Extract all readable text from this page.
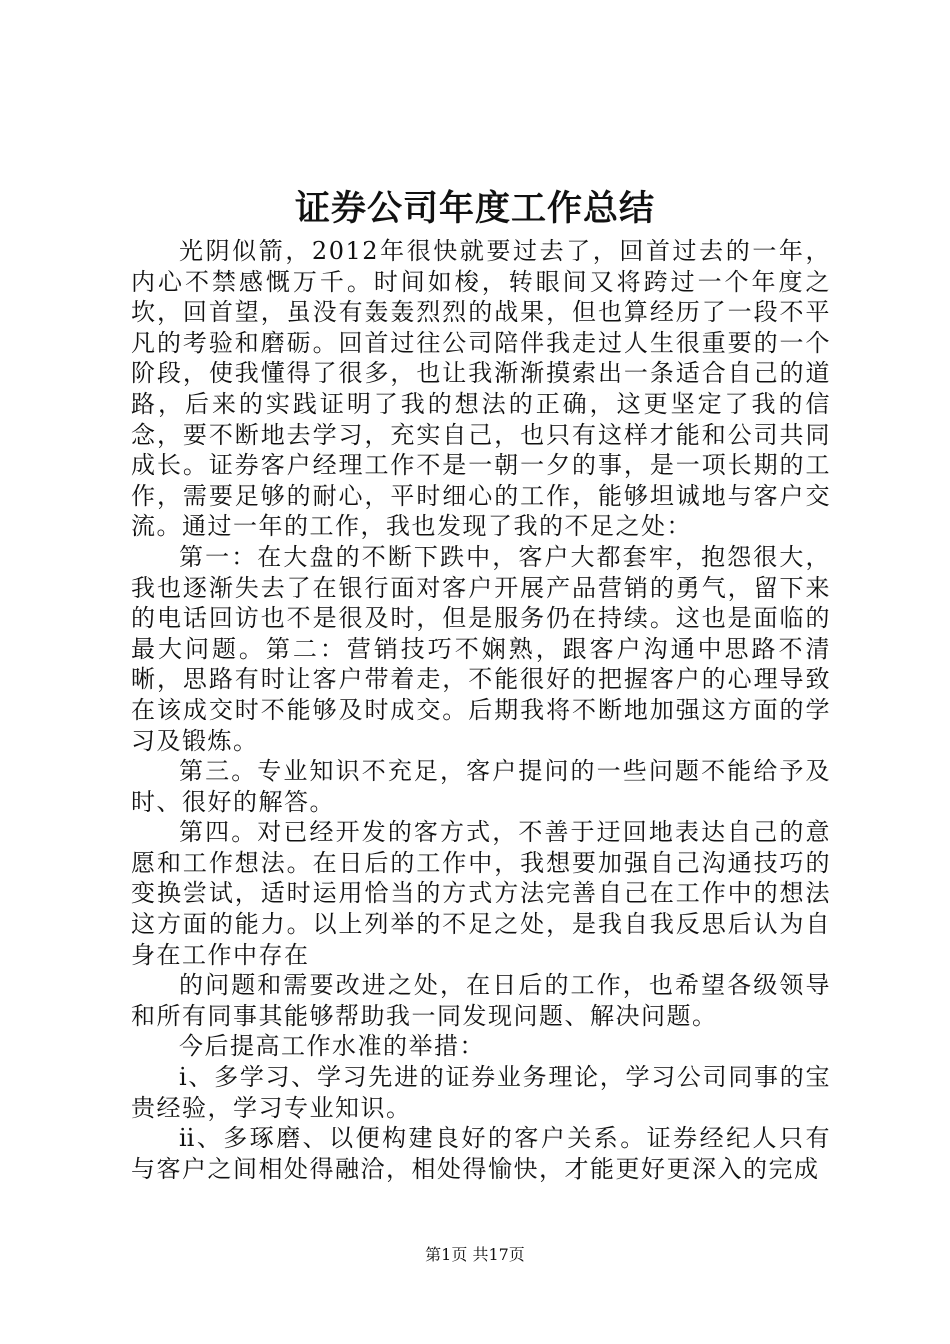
证券公司年度工作总结

光阴似箭，2012年很快就要过去了，回首过去的一年，内心不禁感慨万千。时间如梭，转眼间又将跨过一个年度之坎，回首望，虽没有轰轰烈烈的战果，但也算经历了一段不平凡的考验和磨砺。回首过往公司陪伴我走过人生很重要的一个阶段，使我懂得了很多，也让我渐渐摸索出一条适合自己的道路，后来的实践证明了我的想法的正确，这更坚定了我的信念，要不断地去学习，充实自己，也只有这样才能和公司共同成长。证券客户经理工作不是一朝一夕的事，是一项长期的工作，需要足够的耐心，平时细心的工作，能够坦诚地与客户交流。通过一年的工作，我也发现了我的不足之处：

第一：在大盘的不断下跌中，客户大都套牢，抱怨很大，我也逐渐失去了在银行面对客户开展产品营销的勇气，留下来的电话回访也不是很及时，但是服务仍在持续。这也是面临的最大问题。第二：营销技巧不娴熟，跟客户沟通中思路不清晰，思路有时让客户带着走，不能很好的把握客户的心理导致在该成交时不能够及时成交。后期我将不断地加强这方面的学习及锻炼。

第三。专业知识不充足，客户提问的一些问题不能给予及时、很好的解答。

第四。对已经开发的客方式，不善于迂回地表达自己的意愿和工作想法。在日后的工作中，我想要加强自己沟通技巧的变换尝试，适时运用恰当的方式方法完善自己在工作中的想法这方面的能力。以上列举的不足之处，是我自我反思后认为自身在工作中存在

的问题和需要改进之处，在日后的工作，也希望各级领导和所有同事其能够帮助我一同发现问题、解决问题。

今后提高工作水准的举措：

ⅰ、多学习、学习先进的证券业务理论，学习公司同事的宝贵经验，学习专业知识。

ⅱ、多琢磨、以便构建良好的客户关系。证券经纪人只有与客户之间相处得融洽，相处得愉快，才能更好更深入的完成

第1页 共17页
